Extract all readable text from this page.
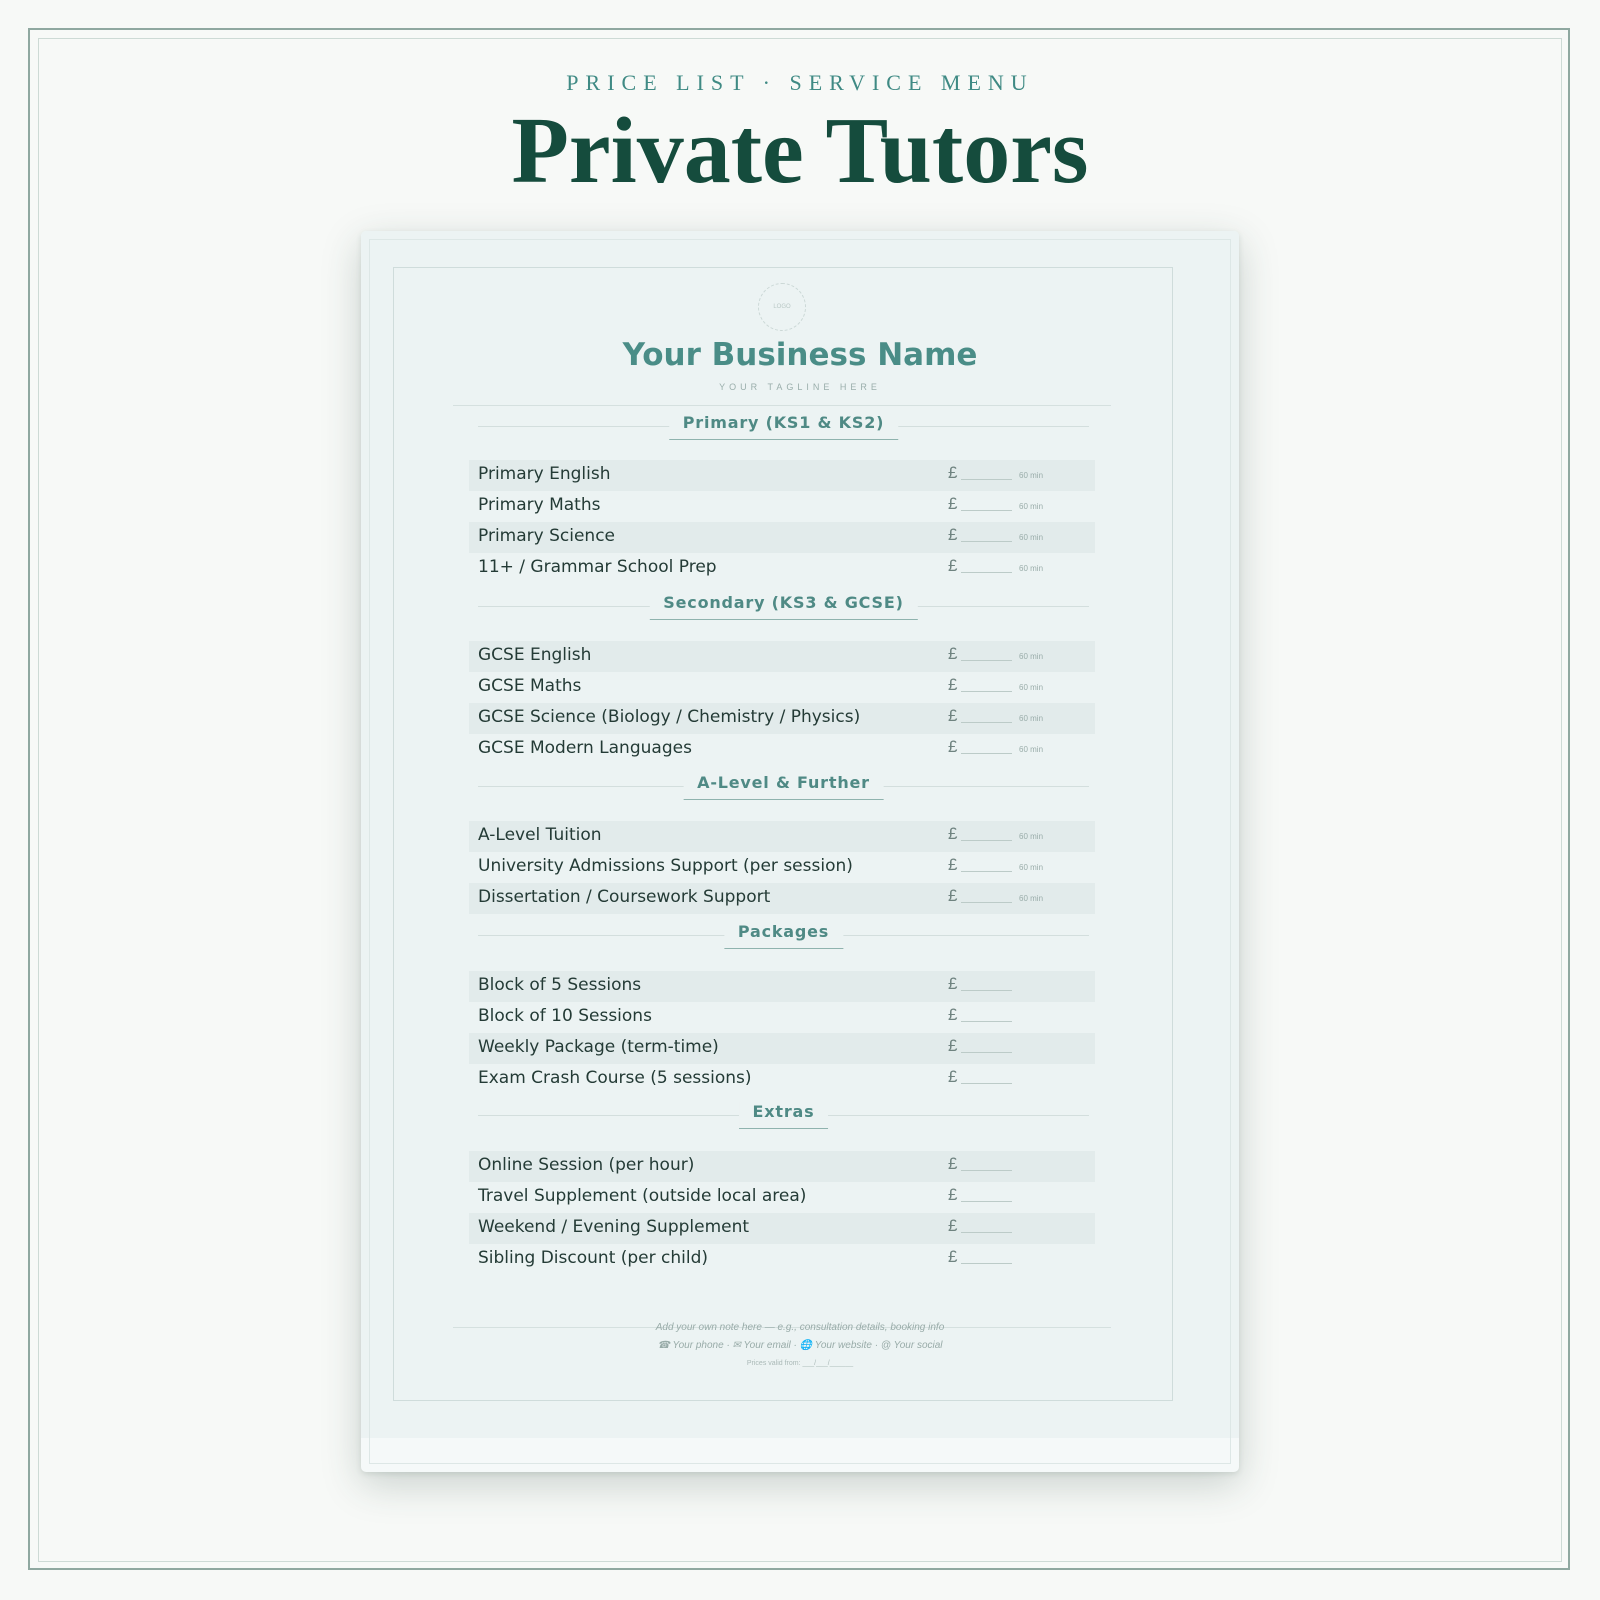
PRICE LIST · SERVICE MENU
Private Tutors
LOGO
Your Business Name
YOUR TAGLINE HERE
Primary (KS1 & KS2)
Primary English	£	60 min
Primary Maths	£	60 min
Primary Science	£	60 min
11+ / Grammar School Prep	£	60 min
Secondary (KS3 & GCSE)
GCSE English	£	60 min
GCSE Maths	£	60 min
GCSE Science (Biology / Chemistry / Physics)	£	60 min
GCSE Modern Languages	£	60 min
A-Level & Further
A-Level Tuition	£	60 min
University Admissions Support (per session)	£	60 min
Dissertation / Coursework Support	£	60 min
Packages
Block of 5 Sessions	£
Block of 10 Sessions	£
Weekly Package (term-time)	£
Exam Crash Course (5 sessions)	£
Extras
Online Session (per hour)	£
Travel Supplement (outside local area)	£
Weekend / Evening Supplement	£
Sibling Discount (per child)	£
Add your own note here — e.g., consultation details, booking info
☎ Your phone · ✉ Your email · 🌐 Your website · @ Your social
Prices valid from: ___/___/______
